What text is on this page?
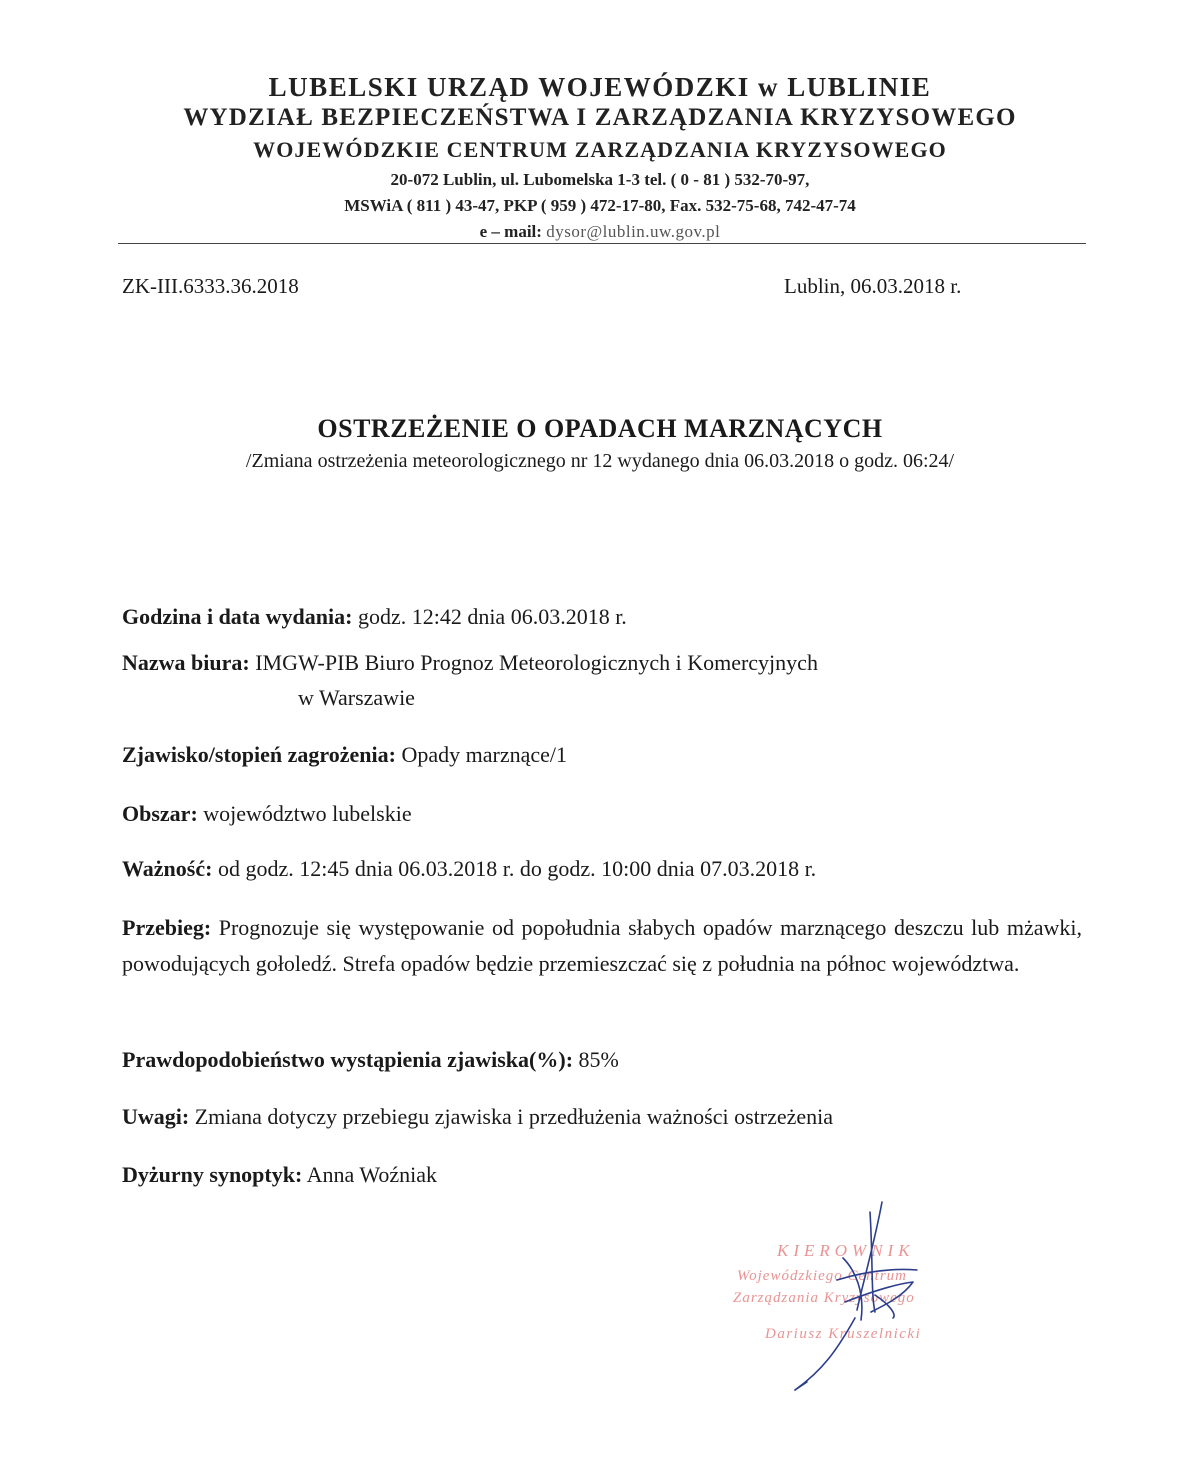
LUBELSKI URZĄD WOJEWÓDZKI w LUBLINIE
WYDZIAŁ BEZPIECZEŃSTWA I ZARZĄDZANIA KRYZYSOWEGO
WOJEWÓDZKIE CENTRUM ZARZĄDZANIA KRYZYSOWEGO
20-072 Lublin, ul. Lubomelska 1-3 tel. ( 0 - 81 ) 532-70-97,
MSWiA ( 811 ) 43-47, PKP ( 959 ) 472-17-80, Fax. 532-75-68, 742-47-74
e – mail: dysor@lublin.uw.gov.pl
ZK-III.6333.36.2018	Lublin, 06.03.2018 r.
OSTRZEŻENIE O OPADACH MARZNĄCYCH
/Zmiana ostrzeżenia meteorologicznego nr 12 wydanego dnia 06.03.2018 o godz. 06:24/
Godzina i data wydania: godz. 12:42 dnia 06.03.2018 r.
Nazwa biura: IMGW-PIB Biuro Prognoz Meteorologicznych i Komercyjnych
w Warszawie
Zjawisko/stopień zagrożenia: Opady marznące/1
Obszar: województwo lubelskie
Ważność: od godz. 12:45 dnia 06.03.2018 r. do godz. 10:00 dnia 07.03.2018 r.
Przebieg: Prognozuje się występowanie od popołudnia słabych opadów marznącego deszczu lub mżawki, powodujących gołoledź. Strefa opadów będzie przemieszczać się z południa na północ województwa.
Prawdopodobieństwo wystąpienia zjawiska(%): 85%
Uwagi: Zmiana dotyczy przebiegu zjawiska i przedłużenia ważności ostrzeżenia
Dyżurny synoptyk: Anna Woźniak
KIEROWNIK
Wojewódzkiego Centrum
Zarządzania Kryzysowego
Dariusz Kruszelnicki
